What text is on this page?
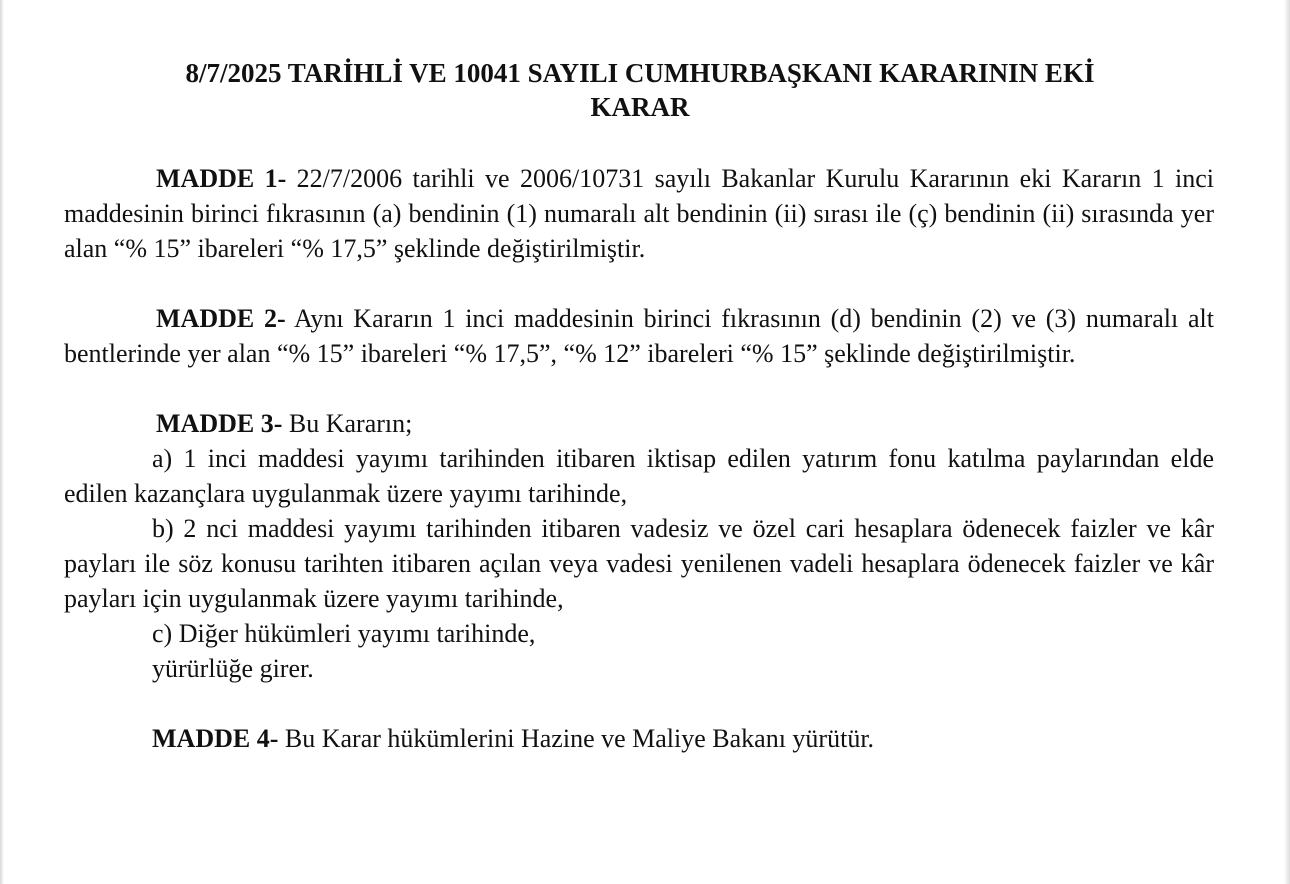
8/7/2025 TARİHLİ VE 10041 SAYILI CUMHURBAŞKANI KARARININ EKİ
KARAR

MADDE 1- 22/7/2006 tarihli ve 2006/10731 sayılı Bakanlar Kurulu Kararının eki Kararın 1 inci maddesinin birinci fıkrasının (a) bendinin (1) numaralı alt bendinin (ii) sırası ile (ç) bendinin (ii) sırasında yer alan “% 15” ibareleri “% 17,5” şeklinde değiştirilmiştir.

MADDE 2- Aynı Kararın 1 inci maddesinin birinci fıkrasının (d) bendinin (2) ve (3) numaralı alt bentlerinde yer alan “% 15” ibareleri “% 17,5”, “% 12” ibareleri “% 15” şeklinde değiştirilmiştir.

MADDE 3- Bu Kararın;

a) 1 inci maddesi yayımı tarihinden itibaren iktisap edilen yatırım fonu katılma paylarından elde edilen kazançlara uygulanmak üzere yayımı tarihinde,

b) 2 nci maddesi yayımı tarihinden itibaren vadesiz ve özel cari hesaplara ödenecek faizler ve kâr payları ile söz konusu tarihten itibaren açılan veya vadesi yenilenen vadeli hesaplara ödenecek faizler ve kâr payları için uygulanmak üzere yayımı tarihinde,

c) Diğer hükümleri yayımı tarihinde,

yürürlüğe girer.

MADDE 4- Bu Karar hükümlerini Hazine ve Maliye Bakanı yürütür.
